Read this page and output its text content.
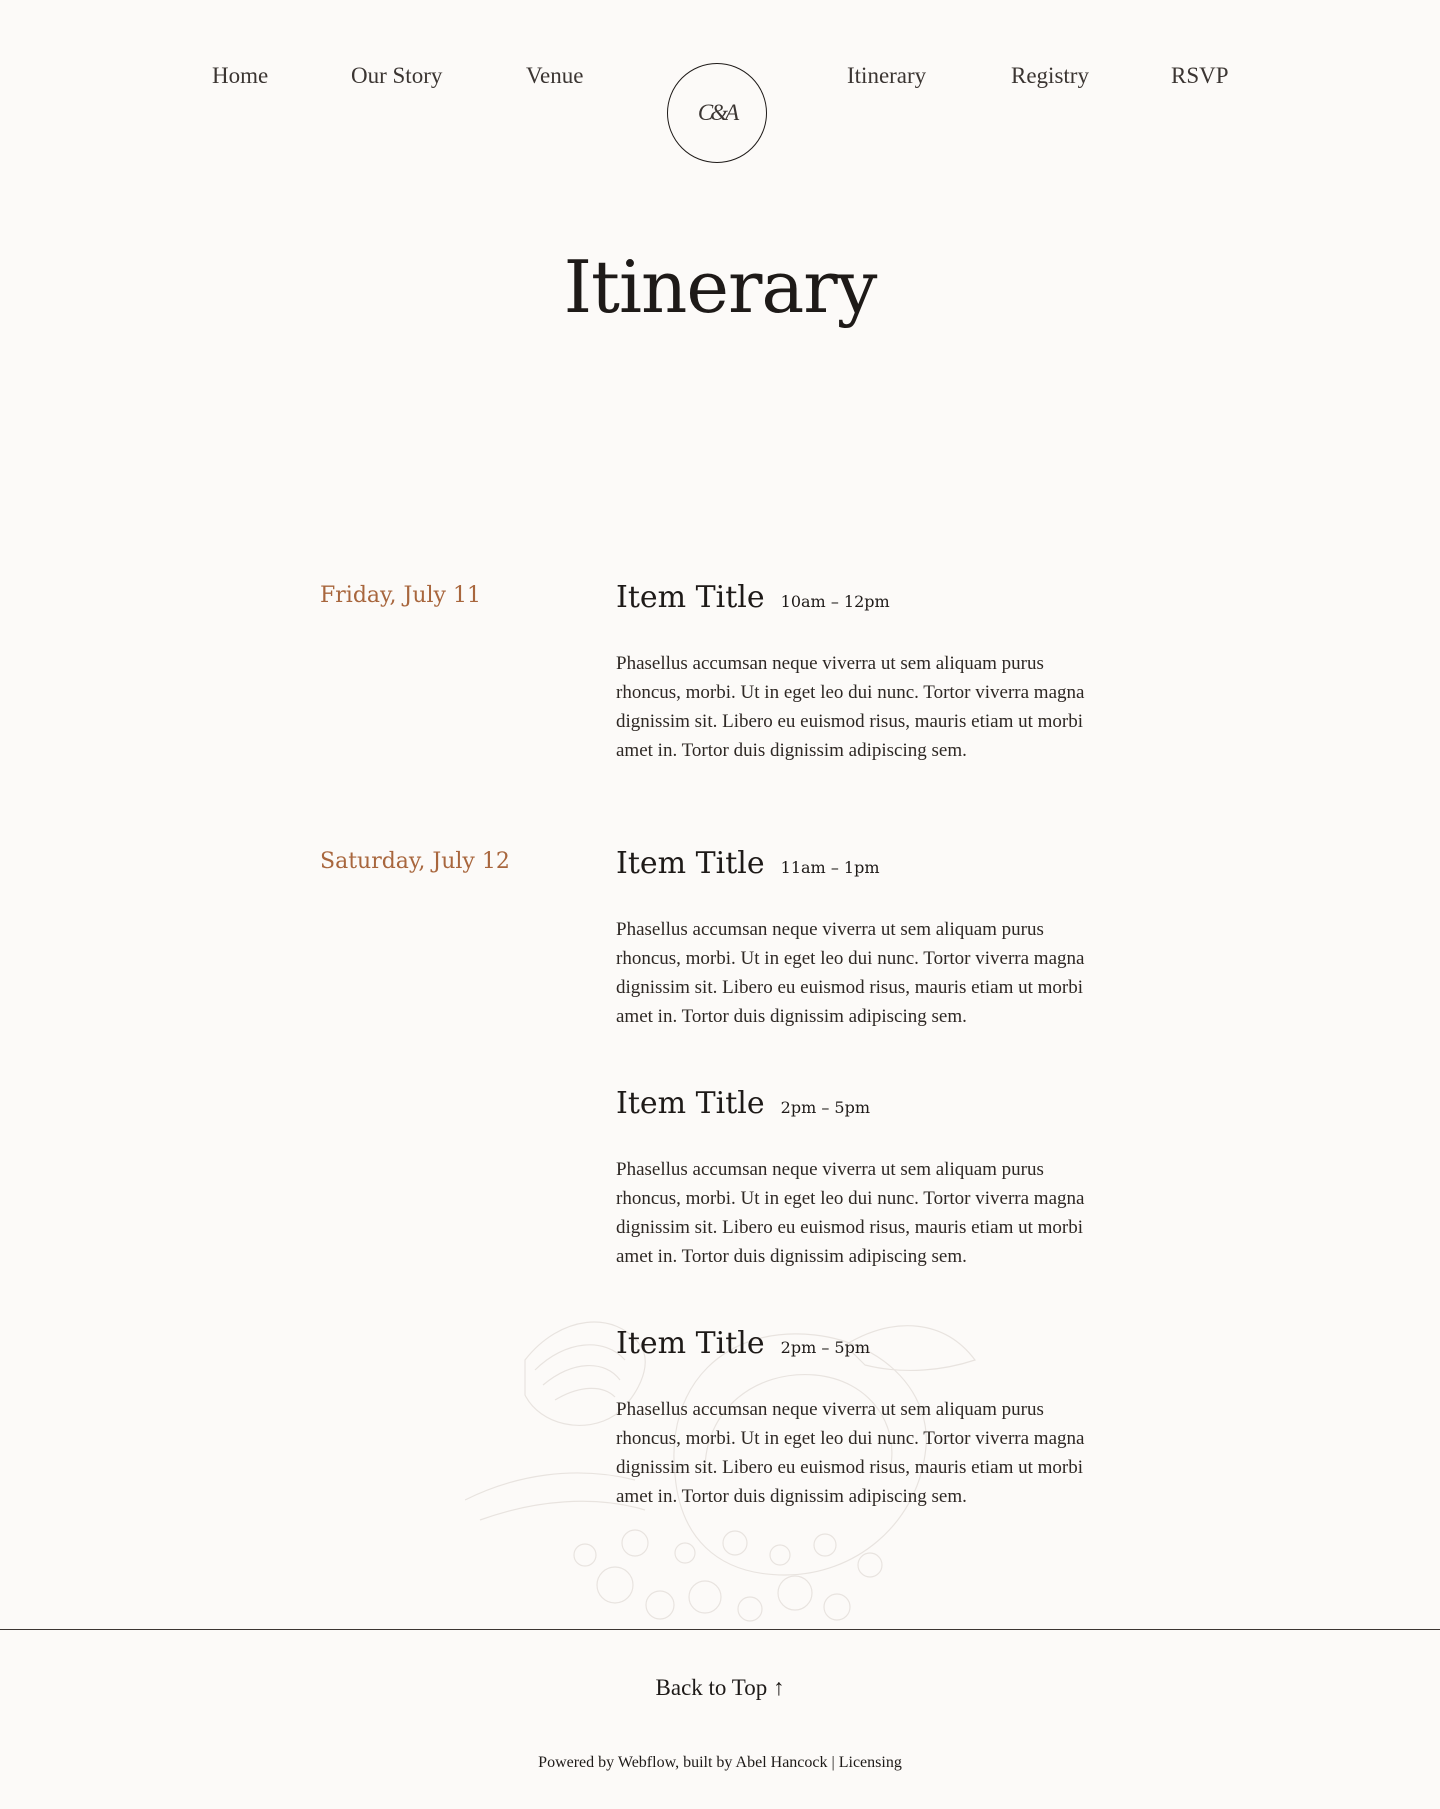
Home	Our Story	Venue
C&A
Itinerary	Registry	RSVP
Itinerary
Friday, July 11	Item Title 10am – 12pm

Phasellus accumsan neque viverra ut sem aliquam purus rhoncus, morbi. Ut in eget leo dui nunc. Tortor viverra magna dignissim sit. Libero eu euismod risus, mauris etiam ut morbi amet in. Tortor duis dignissim adipiscing sem.

Saturday, July 12	Item Title 11am – 1pm

Phasellus accumsan neque viverra ut sem aliquam purus rhoncus, morbi. Ut in eget leo dui nunc. Tortor viverra magna dignissim sit. Libero eu euismod risus, mauris etiam ut morbi amet in. Tortor duis dignissim adipiscing sem.

Item Title 2pm – 5pm

Phasellus accumsan neque viverra ut sem aliquam purus rhoncus, morbi. Ut in eget leo dui nunc. Tortor viverra magna dignissim sit. Libero eu euismod risus, mauris etiam ut morbi amet in. Tortor duis dignissim adipiscing sem.

Item Title 2pm – 5pm

Phasellus accumsan neque viverra ut sem aliquam purus rhoncus, morbi. Ut in eget leo dui nunc. Tortor viverra magna dignissim sit. Libero eu euismod risus, mauris etiam ut morbi amet in. Tortor duis dignissim adipiscing sem.

Back to Top ↑
Powered by Webflow, built by Abel Hancock | Licensing
